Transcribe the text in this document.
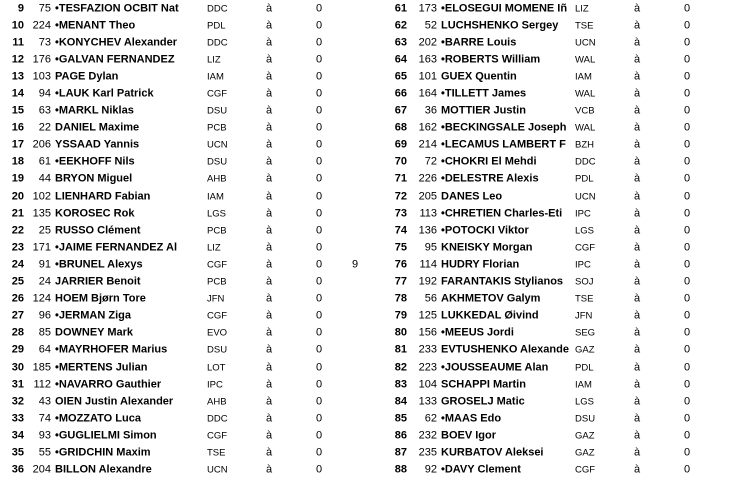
9	75 •TESFAZION OCBIT Nat	DDC	à	0
10 224 •MENANT Theo	PDL	à	0
11	73 •KONYCHEV Alexander	DDC	à	0
12 176 •GALVAN FERNANDEZ	LIZ	à	0
13 103 PAGE Dylan	IAM	à	0
14	94 •LAUK Karl Patrick	CGF	à	0
15	63 •MÄRKL Niklas	DSU	à	0
16	22 DANIEL Maxime	PCB	à	0
17 206 YSSAAD Yannis	UCN	à	0
18	61 •EEKHOFF Nils	DSU	à	0
19	44 BRYON Miguel	AHB	à	0
20 102 LIENHARD Fabian	IAM	à	0
21 135 KOROŠEC Rok	LGS	à	0
22	25 RUSSO Clément	PCB	à	0
23 171 •JAIME FERNANDEZ Al	LIZ	à	0
24	91 •BRUNEL Alexys	CGF	à	0	9
25	24 JARRIER Benoit	PCB	à	0
26 124 HOEM Bjørn Tore	JFN	à	0
27	96 •JERMAN Žiga	CGF	à	0
28	85 DOWNEY Mark	EVO	à	0
29	64 •MAYRHOFER Marius	DSU	à	0
30 185 •MERTENS Julian	LOT	à	0
31 112 •NAVARRO Gauthier	IPC	à	0
32	43 OIEN Justin Alexander	AHB	à	0
33	74 •MOZZATO Luca	DDC	à	0
34	93 •GUGLIELMI Simon	CGF	à	0
35	55 •GRIDCHIN Maxim	TSE	à	0
36 204 BILLON Alexandre	UCN	à	0
61	173 •ELOSEGUI MOMEÑE Iñ LIZ	à	0
62	52 LUCHSHENKO Sergey	TSE	à	0
63	202 •BARRE Louis	UCN	à	0
64	163 •ROBERTS William	WAL	à	0
65	101 GUEX Quentin	IAM	à	0
66	164 •TILLETT James	WAL	à	0
67	36 MOTTIER Justin	VCB	à	0
68	162 •BECKINGSALE Joseph WAL	à	0
69	214 •LECAMUS LAMBERT F BZH	à	0
70	72 •CHOKRI El Mehdi	DDC	à	0
71	226 •DELESTRE Alexis	PDL	à	0
72	205 DANES Leo	UCN	à	0
73	113 •CHRETIEN Charles-Eti	IPC	à	0
74	136 •POTOČKI Viktor	LGS	à	0
75	95 KNEISKY Morgan	CGF	à	0
76	114 HUDRY Florian	IPC	à	0
77	192 FARANTAKIS Stylianos	SOJ	à	0
78	56 AKHMETOV Galym	TSE	à	0
79	125 LUKKEDAL Øivind	JFN	à	0
80	156 •MEEUS Jordi	SEG	à	0
81	233 EVTUSHENKO Alexande GAZ	à	0
82	223 •JOUSSEAUME Alan	PDL	à	0
83	104 SCHÄPPI Martin	IAM	à	0
84	133 GROŠELJ Matic	LGS	à	0
85	62 •MAAS Edo	DSU	à	0
86	232 BOEV Igor	GAZ	à	0
87	235 KURBATOV Aleksei	GAZ	à	0
88	92 •DAVY Clement	CGF	à	0
